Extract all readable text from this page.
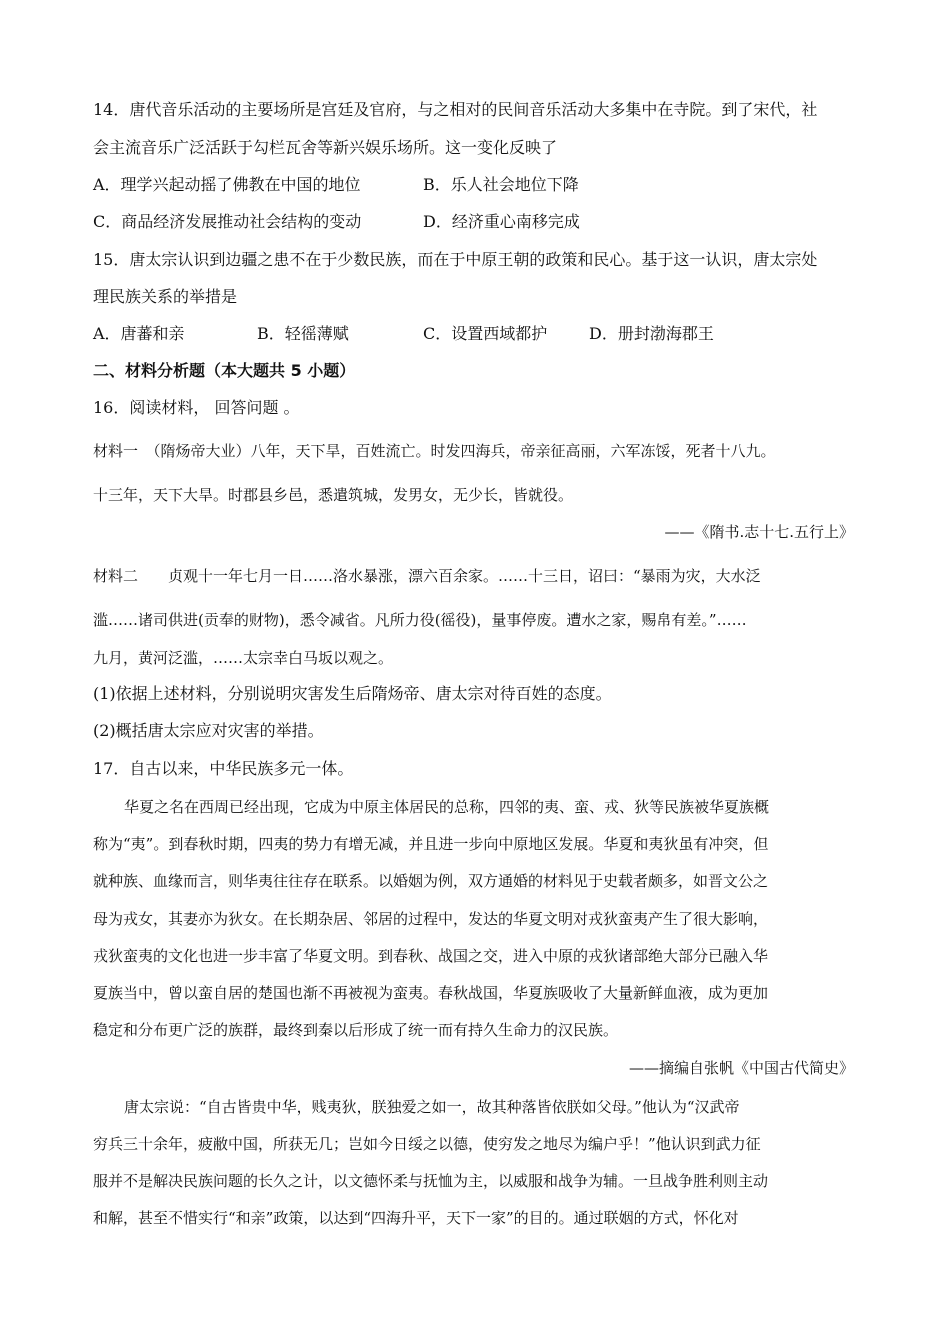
14．唐代音乐活动的主要场所是宫廷及官府，与之相对的民间音乐活动大多集中在寺院。到了宋代，社
会主流音乐广泛活跃于勾栏瓦舍等新兴娱乐场所。这一变化反映了
A．理学兴起动摇了佛教在中国的地位	B．乐人社会地位下降
C．商品经济发展推动社会结构的变动	D．经济重心南移完成
15．唐太宗认识到边疆之患不在于少数民族，而在于中原王朝的政策和民心。基于这一认识，唐太宗处
理民族关系的举措是
A．唐蕃和亲	B．轻徭薄赋	C．设置西域都护	D．册封渤海郡王
二、材料分析题（本大题共 5 小题）
16．阅读材料， 回答问题 。
材料一　（隋炀帝大业）八年，天下旱，百姓流亡。时发四海兵，帝亲征高丽，六军冻馁，死者十八九。
十三年，天下大旱。时郡县乡邑，悉遣筑城，发男女，无少长，皆就役。
——《隋书.志十七.五行上》
材料二　　贞观十一年七月一日……洛水暴涨，漂六百余家。……十三日，诏曰：“暴雨为灾，大水泛
滥……诸司供进(贡奉的财物)，悉令减省。凡所力役(徭役)，量事停废。遭水之家，赐帛有差。”……
九月，黄河泛滥，……太宗幸白马坂以观之。
(1)依据上述材料，分别说明灾害发生后隋炀帝、唐太宗对待百姓的态度。
(2)概括唐太宗应对灾害的举措。
17．自古以来，中华民族多元一体。
华夏之名在西周已经出现，它成为中原主体居民的总称，四邻的夷、蛮、戎、狄等民族被华夏族概
称为“夷”。到春秋时期，四夷的势力有增无减，并且进一步向中原地区发展。华夏和夷狄虽有冲突，但
就种族、血缘而言，则华夷往往存在联系。以婚姻为例，双方通婚的材料见于史载者颇多，如晋文公之
母为戎女，其妻亦为狄女。在长期杂居、邻居的过程中，发达的华夏文明对戎狄蛮夷产生了很大影响，
戎狄蛮夷的文化也进一步丰富了华夏文明。到春秋、战国之交，进入中原的戎狄诸部绝大部分已融入华
夏族当中，曾以蛮自居的楚国也渐不再被视为蛮夷。春秋战国，华夏族吸收了大量新鲜血液，成为更加
稳定和分布更广泛的族群，最终到秦以后形成了统一而有持久生命力的汉民族。
——摘编自张帆《中国古代简史》
唐太宗说：“自古皆贵中华，贱夷狄，朕独爱之如一，故其种落皆依朕如父母。”他认为“汉武帝
穷兵三十余年，疲敝中国，所获无几；岂如今日绥之以德，使穷发之地尽为编户乎！”他认识到武力征
服并不是解决民族问题的长久之计，以文德怀柔与抚恤为主，以威服和战争为辅。一旦战争胜利则主动
和解，甚至不惜实行“和亲”政策，以达到“四海升平，天下一家”的目的。通过联姻的方式，怀化对
